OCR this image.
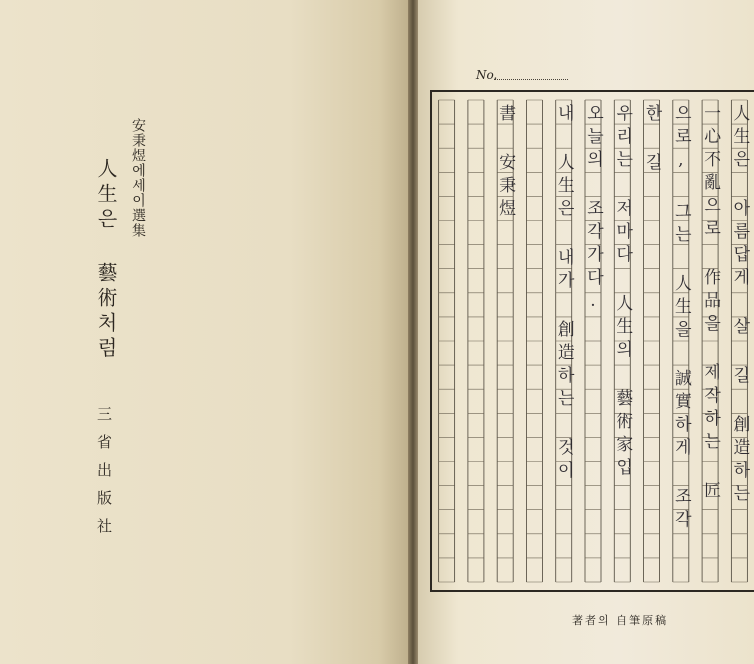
安秉煜에세이選集
人生은 藝術처럼
三省出版社
No.
人生은 아름답게 살 길 創造하는
一心不亂으로 作品을 제작하는 匠
으로, 그는 人生을 誠實하게 조각
한 길
우리는 저마다 人生의 藝術家입
오늘의 조각가다.
내 人生은 내가 創造하는 것이
書 安秉煜
著者의 自筆原稿
